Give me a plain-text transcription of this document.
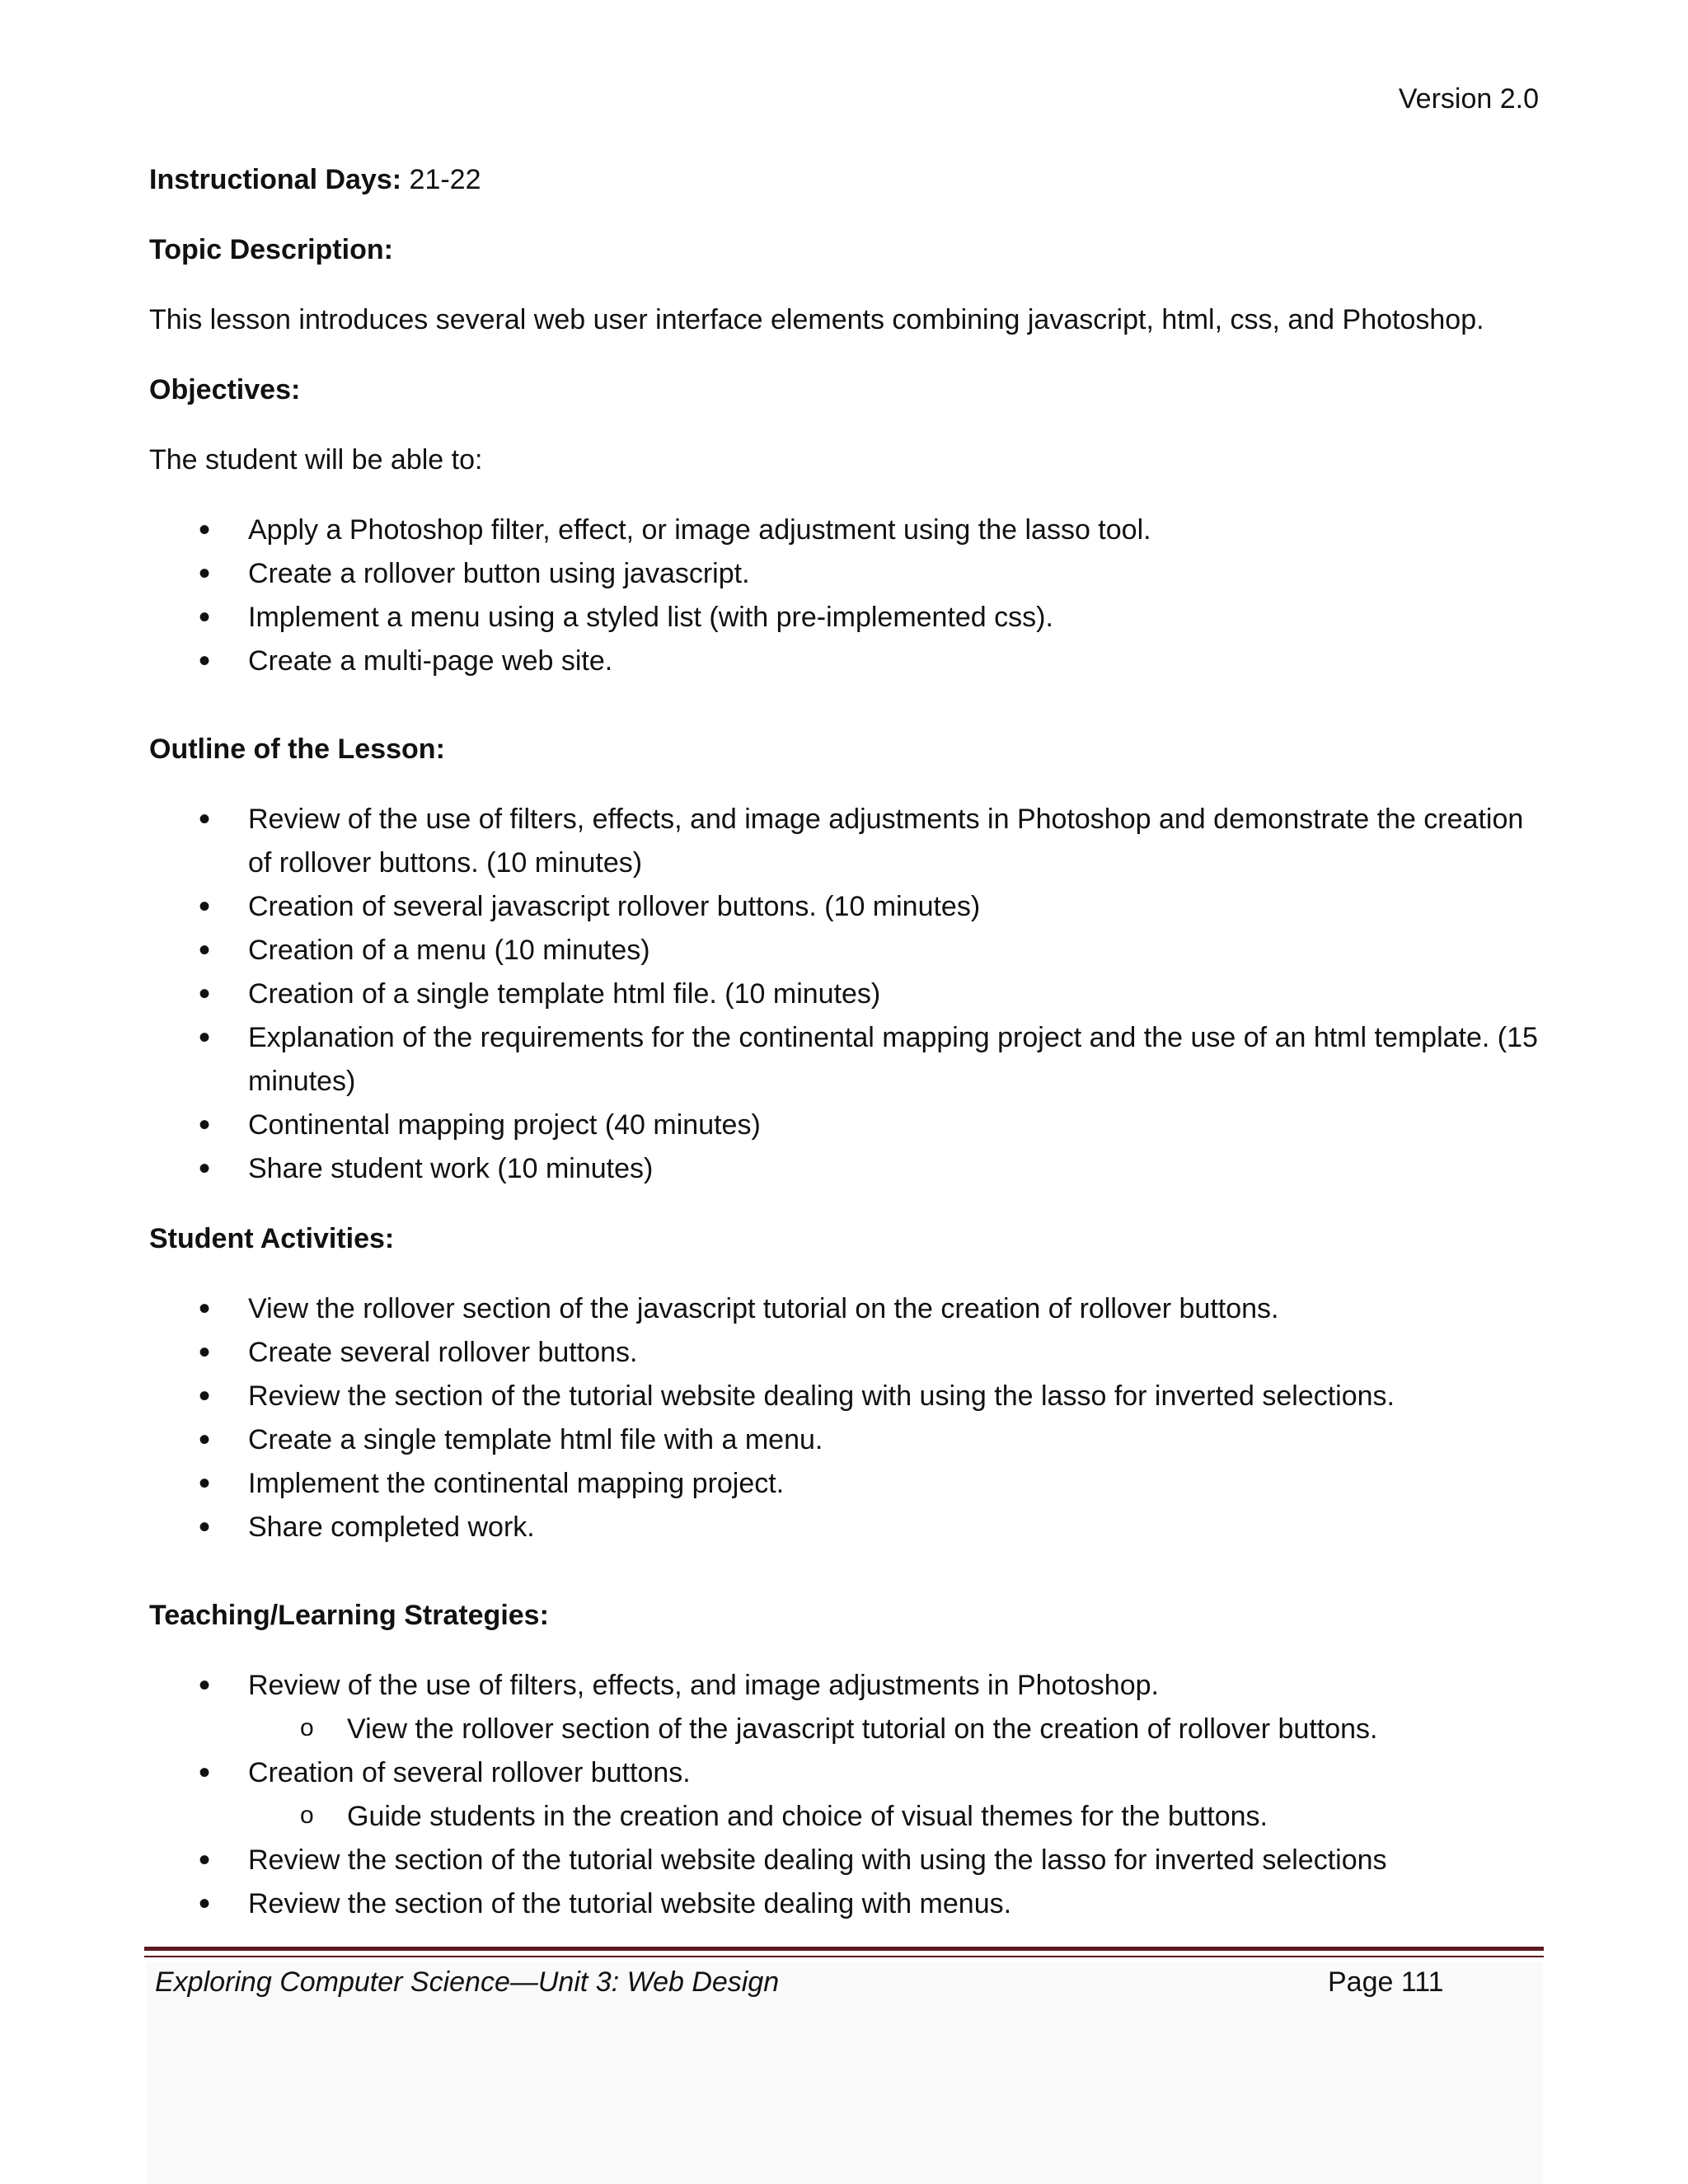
Version 2.0

Instructional Days: 21-22

Topic Description:

This lesson introduces several web user interface elements combining javascript, html, css, and Photoshop.

Objectives:

The student will be able to:

• Apply a Photoshop filter, effect, or image adjustment using the lasso tool.
• Create a rollover button using javascript.
• Implement a menu using a styled list (with pre-implemented css).
• Create a multi-page web site.

Outline of the Lesson:

• Review of the use of filters, effects, and image adjustments in Photoshop and demonstrate the creation of rollover buttons. (10 minutes)
• Creation of several javascript rollover buttons. (10 minutes)
• Creation of a menu (10 minutes)
• Creation of a single template html file. (10 minutes)
• Explanation of the requirements for the continental mapping project and the use of an html template. (15 minutes)
• Continental mapping project (40 minutes)
• Share student work (10 minutes)

Student Activities:

• View the rollover section of the javascript tutorial on the creation of rollover buttons.
• Create several rollover buttons.
• Review the section of the tutorial website dealing with using the lasso for inverted selections.
• Create a single template html file with a menu.
• Implement the continental mapping project.
• Share completed work.

Teaching/Learning Strategies:

• Review of the use of filters, effects, and image adjustments in Photoshop.
o View the rollover section of the javascript tutorial on the creation of rollover buttons.
• Creation of several rollover buttons.
o Guide students in the creation and choice of visual themes for the buttons.
• Review the section of the tutorial website dealing with using the lasso for inverted selections
• Review the section of the tutorial website dealing with menus.
Exploring Computer Science—Unit 3: Web Design	Page 111
